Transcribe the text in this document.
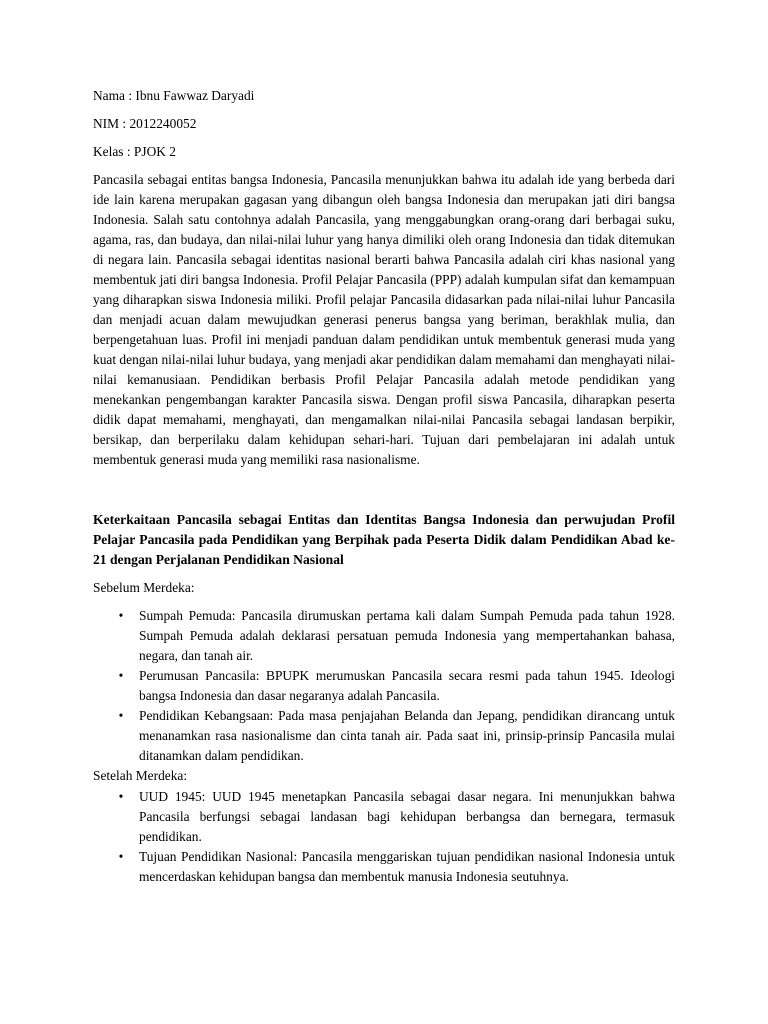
Nama : Ibnu Fawwaz Daryadi
NIM : 2012240052
Kelas : PJOK 2

Pancasila sebagai entitas bangsa Indonesia, Pancasila menunjukkan bahwa itu adalah ide yang berbeda dari ide lain karena merupakan gagasan yang dibangun oleh bangsa Indonesia dan merupakan jati diri bangsa Indonesia. Salah satu contohnya adalah Pancasila, yang menggabungkan orang-orang dari berbagai suku, agama, ras, dan budaya, dan nilai-nilai luhur yang hanya dimiliki oleh orang Indonesia dan tidak ditemukan di negara lain. Pancasila sebagai identitas nasional berarti bahwa Pancasila adalah ciri khas nasional yang membentuk jati diri bangsa Indonesia. Profil Pelajar Pancasila (PPP) adalah kumpulan sifat dan kemampuan yang diharapkan siswa Indonesia miliki. Profil pelajar Pancasila didasarkan pada nilai-nilai luhur Pancasila dan menjadi acuan dalam mewujudkan generasi penerus bangsa yang beriman, berakhlak mulia, dan berpengetahuan luas. Profil ini menjadi panduan dalam pendidikan untuk membentuk generasi muda yang kuat dengan nilai-nilai luhur budaya, yang menjadi akar pendidikan dalam memahami dan menghayati nilai-nilai kemanusiaan. Pendidikan berbasis Profil Pelajar Pancasila adalah metode pendidikan yang menekankan pengembangan karakter Pancasila siswa. Dengan profil siswa Pancasila, diharapkan peserta didik dapat memahami, menghayati, dan mengamalkan nilai-nilai Pancasila sebagai landasan berpikir, bersikap, dan berperilaku dalam kehidupan sehari-hari. Tujuan dari pembelajaran ini adalah untuk membentuk generasi muda yang memiliki rasa nasionalisme.

Keterkaitaan Pancasila sebagai Entitas dan Identitas Bangsa Indonesia dan perwujudan Profil Pelajar Pancasila pada Pendidikan yang Berpihak pada Peserta Didik dalam Pendidikan Abad ke-21 dengan Perjalanan Pendidikan Nasional

Sebelum Merdeka:
• Sumpah Pemuda: Pancasila dirumuskan pertama kali dalam Sumpah Pemuda pada tahun 1928. Sumpah Pemuda adalah deklarasi persatuan pemuda Indonesia yang mempertahankan bahasa, negara, dan tanah air.
• Perumusan Pancasila: BPUPK merumuskan Pancasila secara resmi pada tahun 1945. Ideologi bangsa Indonesia dan dasar negaranya adalah Pancasila.
• Pendidikan Kebangsaan: Pada masa penjajahan Belanda dan Jepang, pendidikan dirancang untuk menanamkan rasa nasionalisme dan cinta tanah air. Pada saat ini, prinsip-prinsip Pancasila mulai ditanamkan dalam pendidikan.
Setelah Merdeka:
• UUD 1945: UUD 1945 menetapkan Pancasila sebagai dasar negara. Ini menunjukkan bahwa Pancasila berfungsi sebagai landasan bagi kehidupan berbangsa dan bernegara, termasuk pendidikan.
• Tujuan Pendidikan Nasional: Pancasila menggariskan tujuan pendidikan nasional Indonesia untuk mencerdaskan kehidupan bangsa dan membentuk manusia Indonesia seutuhnya.
